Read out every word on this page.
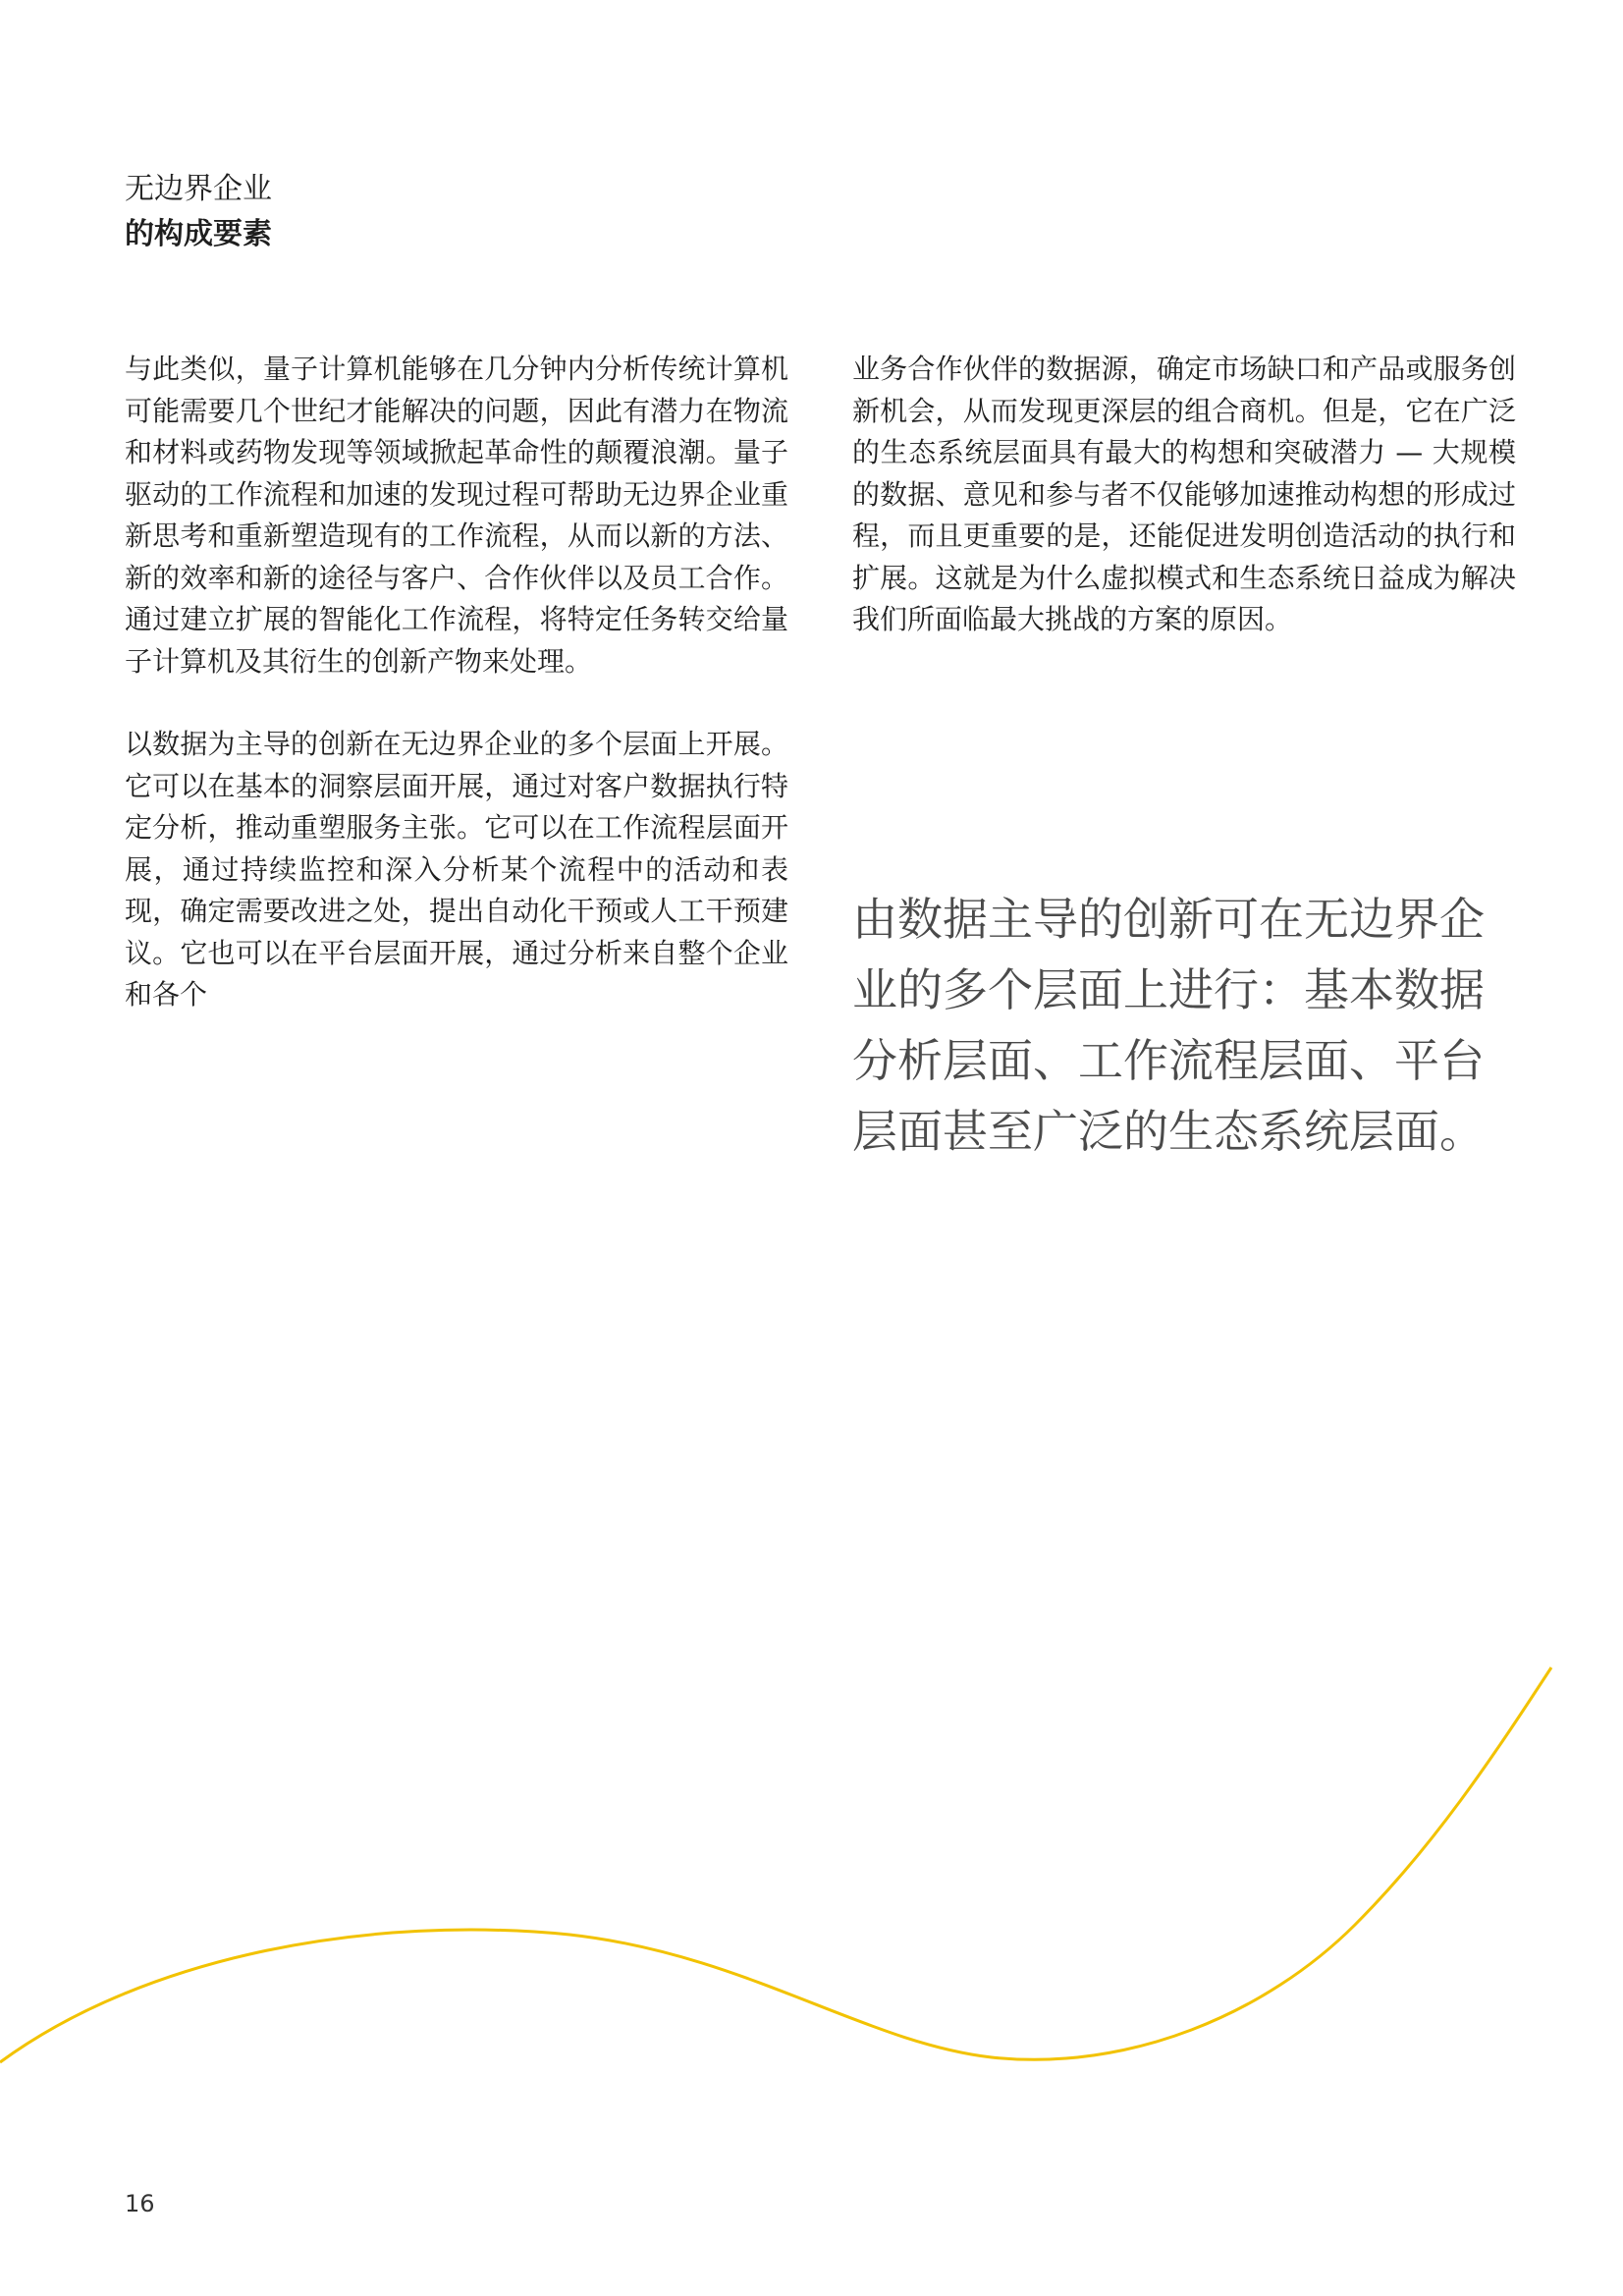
无边界企业
的构成要素

与此类似，量子计算机能够在几分钟内分析传统计算机可能需要几个世纪才能解决的问题，因此有潜力在物流和材料或药物发现等领域掀起革命性的颠覆浪潮。量子驱动的工作流程和加速的发现过程可帮助无边界企业重新思考和重新塑造现有的工作流程，从而以新的方法、新的效率和新的途径与客户、合作伙伴以及员工合作。通过建立扩展的智能化工作流程，将特定任务转交给量子计算机及其衍生的创新产物来处理。

以数据为主导的创新在无边界企业的多个层面上开展。它可以在基本的洞察层面开展，通过对客户数据执行特定分析，推动重塑服务主张。它可以在工作流程层面开展，通过持续监控和深入分析某个流程中的活动和表现，确定需要改进之处，提出自动化干预或人工干预建议。它也可以在平台层面开展，通过分析来自整个企业和各个

业务合作伙伴的数据源，确定市场缺口和产品或服务创新机会，从而发现更深层的组合商机。但是，它在广泛的生态系统层面具有最大的构想和突破潜力 — 大规模的数据、意见和参与者不仅能够加速推动构想的形成过程，而且更重要的是，还能促进发明创造活动的执行和扩展。这就是为什么虚拟模式和生态系统日益成为解决我们所面临最大挑战的方案的原因。

由数据主导的创新可在无边界企业的多个层面上进行：基本数据分析层面、工作流程层面、平台层面甚至广泛的生态系统层面。
16
